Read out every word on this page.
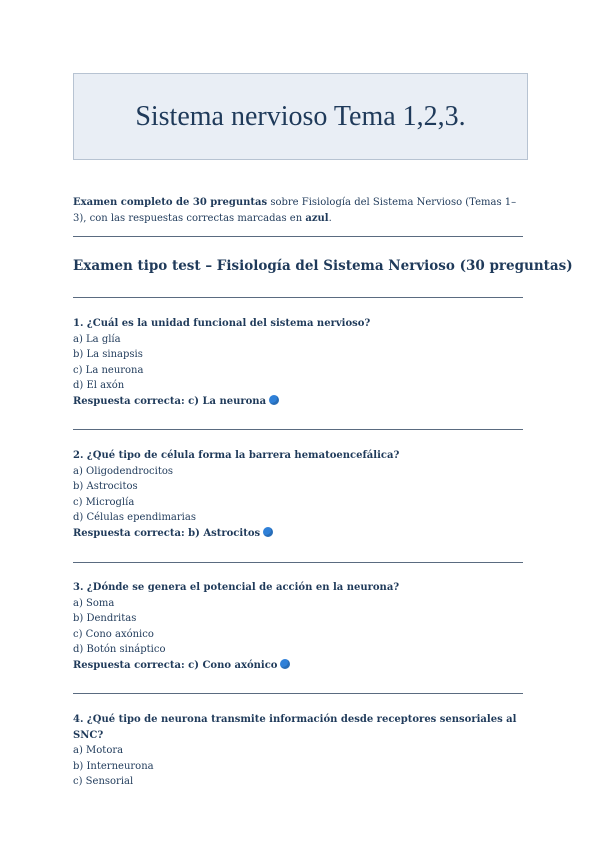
Sistema nervioso Tema 1,2,3.
Examen completo de 30 preguntas sobre Fisiología del Sistema Nervioso (Temas 1–3), con las respuestas correctas marcadas en azul.
Examen tipo test – Fisiología del Sistema Nervioso (30 preguntas)
1. ¿Cuál es la unidad funcional del sistema nervioso?
a) La glía
b) La sinapsis
c) La neurona
d) El axón
Respuesta correcta: c) La neurona
2. ¿Qué tipo de célula forma la barrera hematoencefálica?
a) Oligodendrocitos
b) Astrocitos
c) Microglía
d) Células ependimarias
Respuesta correcta: b) Astrocitos
3. ¿Dónde se genera el potencial de acción en la neurona?
a) Soma
b) Dendritas
c) Cono axónico
d) Botón sináptico
Respuesta correcta: c) Cono axónico
4. ¿Qué tipo de neurona transmite información desde receptores sensoriales al SNC?
a) Motora
b) Interneurona
c) Sensorial
